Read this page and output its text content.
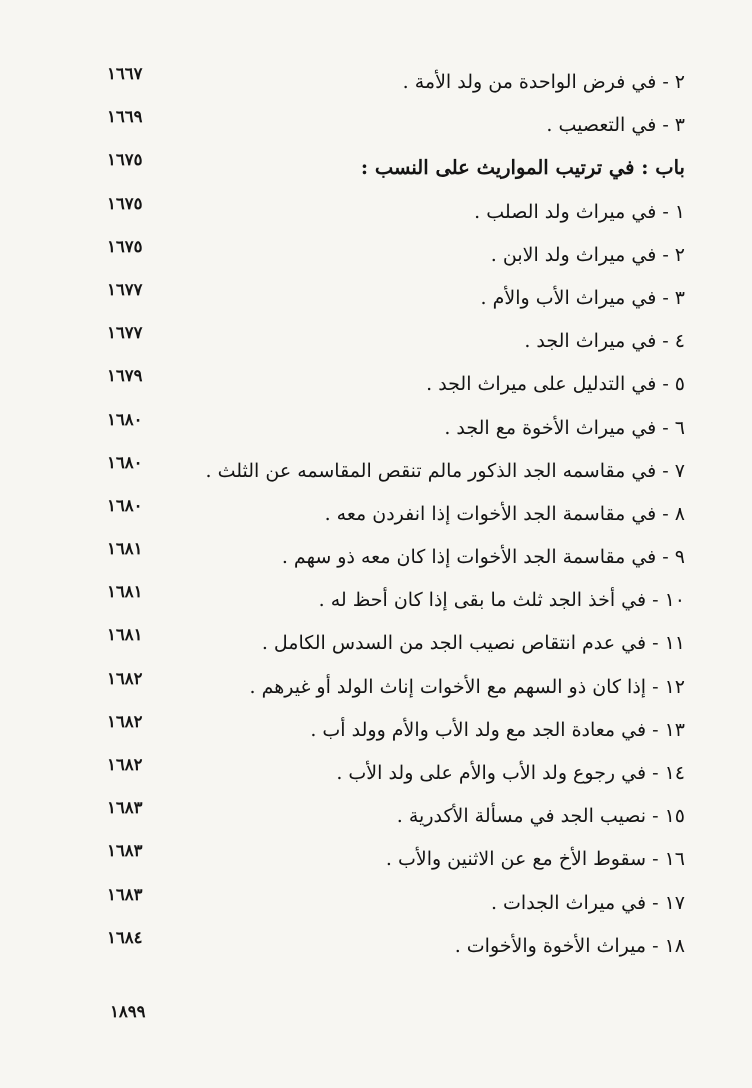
٢ - في فرض الواحدة من ولد الأمة .
١٦٦٧
٣ - في التعصيب .
١٦٦٩
باب : في ترتيب المواريث على النسب :
١٦٧٥
١ - في ميراث ولد الصلب .
١٦٧٥
٢ - في ميراث ولد الابن .
١٦٧٥
٣ - في ميراث الأب والأم .
١٦٧٧
٤ - في ميراث الجد .
١٦٧٧
٥ - في التدليل على ميراث الجد .
١٦٧٩
٦ - في ميراث الأخوة مع الجد .
١٦٨٠
٧ - في مقاسمه الجد الذكور مالم تنقص المقاسمه عن الثلث .
١٦٨٠
٨ - في مقاسمة الجد الأخوات إذا انفردن معه .
١٦٨٠
٩ - في مقاسمة الجد الأخوات إذا كان معه ذو سهم .
١٦٨١
١٠ - في أخذ الجد ثلث ما بقى إذا كان أحظ له .
١٦٨١
١١ - في عدم انتقاص نصيب الجد من السدس الكامل .
١٦٨١
١٢ - إذا كان ذو السهم مع الأخوات إناث الولد أو غيرهم .
١٦٨٢
١٣ - في معادة الجد مع ولد الأب والأم وولد أب .
١٦٨٢
١٤ - في رجوع ولد الأب والأم على ولد الأب .
١٦٨٢
١٥ - نصيب الجد في مسألة الأكدرية .
١٦٨٣
١٦ - سقوط الأخ مع عن الاثنين والأب .
١٦٨٣
١٧ - في ميراث الجدات .
١٦٨٣
١٨ - ميراث الأخوة والأخوات .
١٦٨٤
١٨٩٩
